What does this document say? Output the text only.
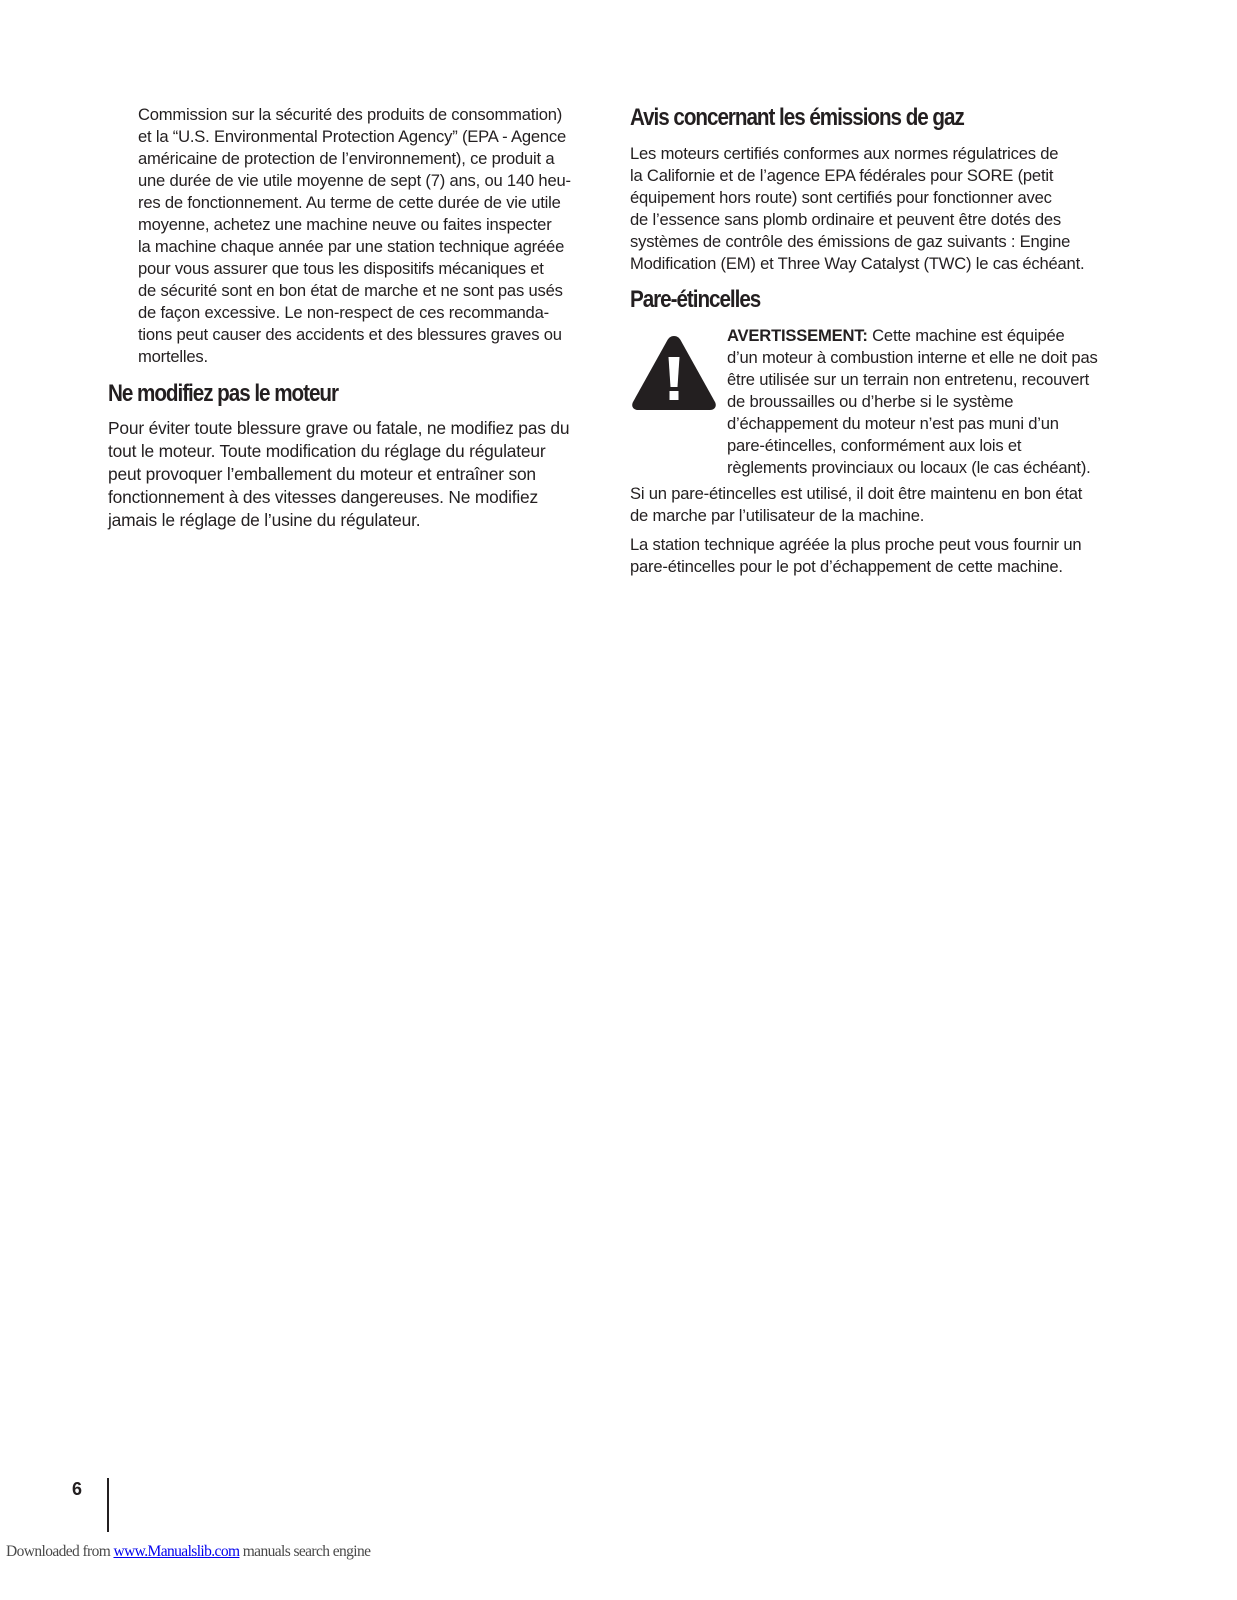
Commission sur la sécurité des produits de consommation)
et la “U.S. Environmental Protection Agency” (EPA - Agence
américaine de protection de l’environnement), ce produit a
une durée de vie utile moyenne de sept (7) ans, ou 140 heu-
res de fonctionnement. Au terme de cette durée de vie utile
moyenne, achetez une machine neuve ou faites inspecter
la machine chaque année par une station technique agréée
pour vous assurer que tous les dispositifs mécaniques et
de sécurité sont en bon état de marche et ne sont pas usés
de façon excessive. Le non-respect de ces recommanda-
tions peut causer des accidents et des blessures graves ou
mortelles.

Ne modifiez pas le moteur

Pour éviter toute blessure grave ou fatale, ne modifiez pas du
tout le moteur. Toute modification du réglage du régulateur
peut provoquer l’emballement du moteur et entraîner son
fonctionnement à des vitesses dangereuses. Ne modifiez
jamais le réglage de l’usine du régulateur.

Avis concernant les émissions de gaz

Les moteurs certifiés conformes aux normes régulatrices de
la Californie et de l’agence EPA fédérales pour SORE (petit
équipement hors route) sont certifiés pour fonctionner avec
de l’essence sans plomb ordinaire et peuvent être dotés des
systèmes de contrôle des émissions de gaz suivants : Engine
Modification (EM) et Three Way Catalyst (TWC) le cas échéant.

Pare-étincelles
AVERTISSEMENT: Cette machine est équipée
d’un moteur à combustion interne et elle ne doit pas
être utilisée sur un terrain non entretenu, recouvert
de broussailles ou d’herbe si le système
d’échappement du moteur n’est pas muni d’un
pare-étincelles, conformément aux lois et
règlements provinciaux ou locaux (le cas échéant).

Si un pare-étincelles est utilisé, il doit être maintenu en bon état
de marche par l’utilisateur de la machine.

La station technique agréée la plus proche peut vous fournir un
pare-étincelles pour le pot d’échappement de cette machine.

6
Downloaded from www.Manualslib.com manuals search engine
